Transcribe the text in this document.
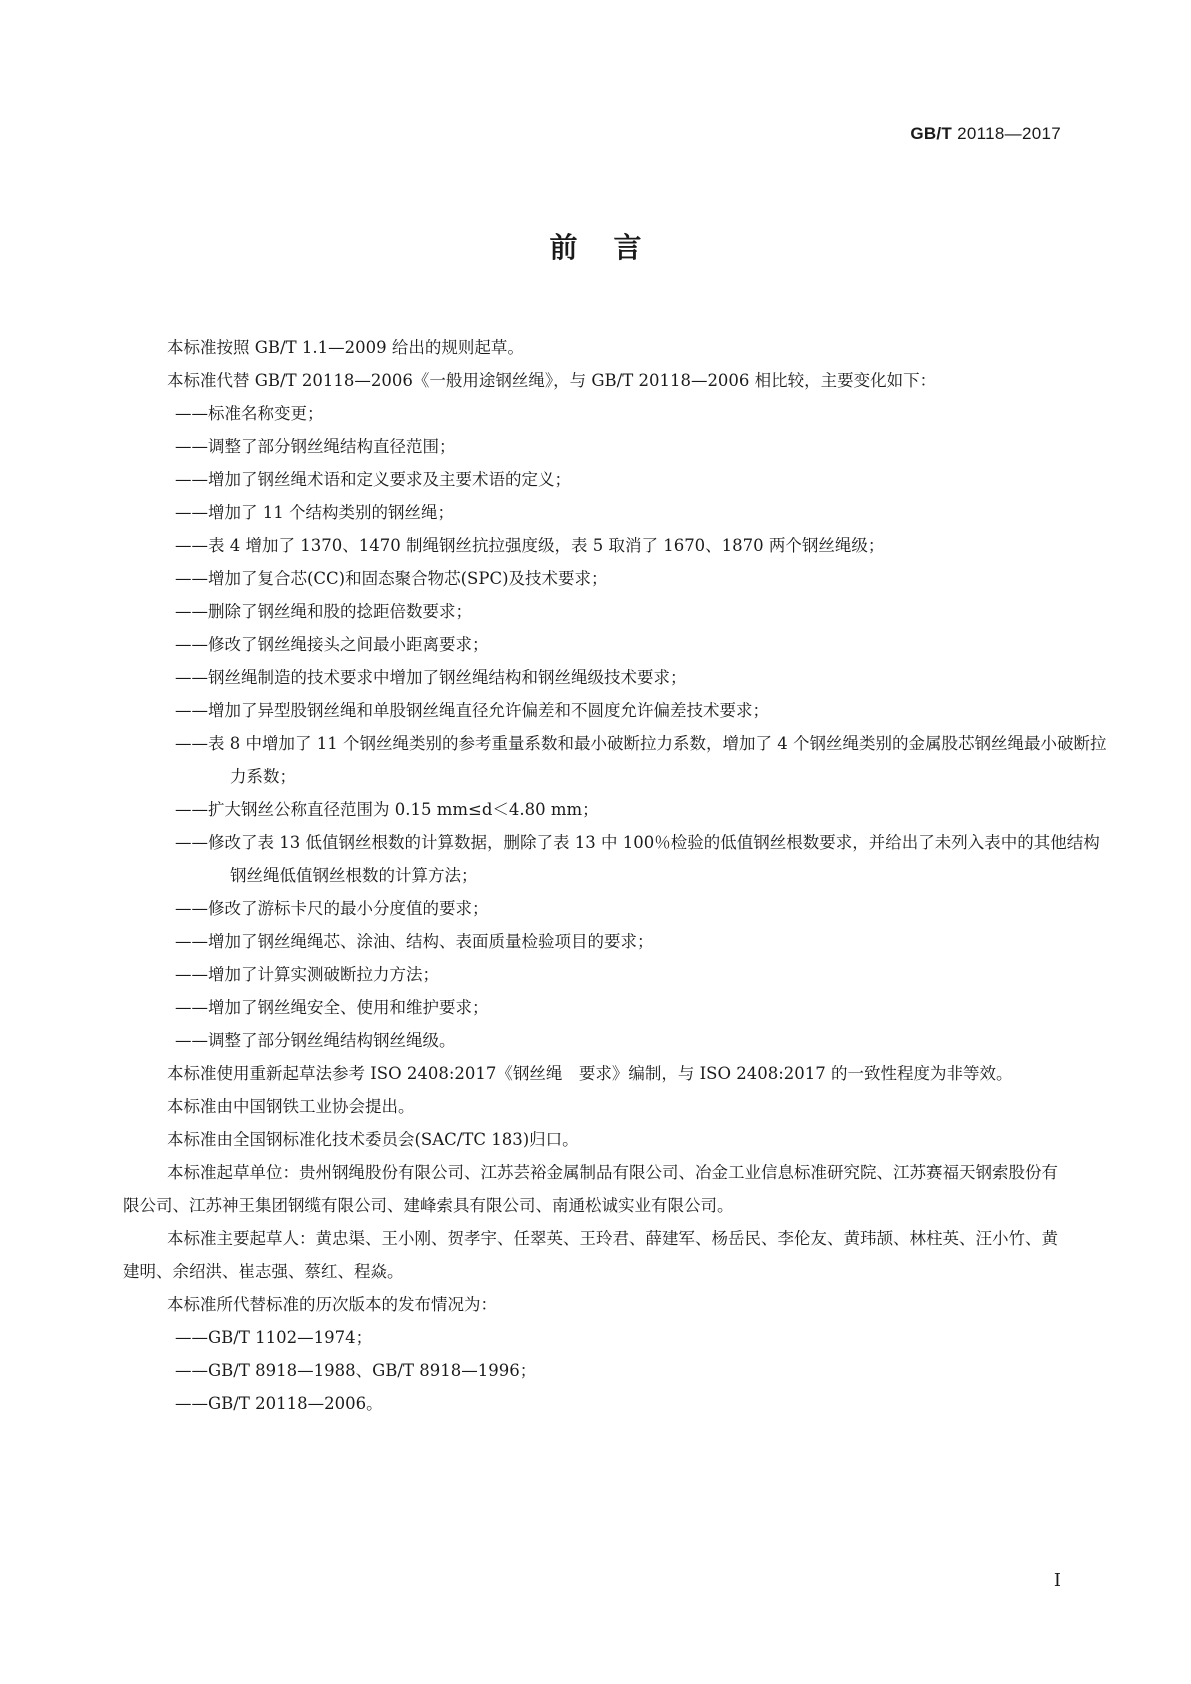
GB/T 20118—2017
前言

本标准按照 GB/T 1.1—2009 给出的规则起草。

本标准代替 GB/T 20118—2006《一般用途钢丝绳》，与 GB/T 20118—2006 相比较，主要变化如下：

——标准名称变更；

——调整了部分钢丝绳结构直径范围；

——增加了钢丝绳术语和定义要求及主要术语的定义；

——增加了 11 个结构类别的钢丝绳；

——表 4 增加了 1370、1470 制绳钢丝抗拉强度级，表 5 取消了 1670、1870 两个钢丝绳级；

——增加了复合芯(CC)和固态聚合物芯(SPC)及技术要求；

——删除了钢丝绳和股的捻距倍数要求；

——修改了钢丝绳接头之间最小距离要求；

——钢丝绳制造的技术要求中增加了钢丝绳结构和钢丝绳级技术要求；

——增加了异型股钢丝绳和单股钢丝绳直径允许偏差和不圆度允许偏差技术要求；

——表 8 中增加了 11 个钢丝绳类别的参考重量系数和最小破断拉力系数，增加了 4 个钢丝绳类别的金属股芯钢丝绳最小破断拉力系数；

——扩大钢丝公称直径范围为 0.15 mm≤d＜4.80 mm；

——修改了表 13 低值钢丝根数的计算数据，删除了表 13 中 100％检验的低值钢丝根数要求，并给出了未列入表中的其他结构钢丝绳低值钢丝根数的计算方法；

——修改了游标卡尺的最小分度值的要求；

——增加了钢丝绳绳芯、涂油、结构、表面质量检验项目的要求；

——增加了计算实测破断拉力方法；

——增加了钢丝绳安全、使用和维护要求；

——调整了部分钢丝绳结构钢丝绳级。

本标准使用重新起草法参考 ISO 2408:2017《钢丝绳　要求》编制，与 ISO 2408:2017 的一致性程度为非等效。

本标准由中国钢铁工业协会提出。

本标准由全国钢标准化技术委员会(SAC/TC 183)归口。

本标准起草单位：贵州钢绳股份有限公司、江苏芸裕金属制品有限公司、冶金工业信息标准研究院、江苏赛福天钢索股份有限公司、江苏神王集团钢缆有限公司、建峰索具有限公司、南通松诚实业有限公司。

本标准主要起草人：黄忠渠、王小刚、贺孝宇、任翠英、王玲君、薛建军、杨岳民、李伦友、黄玮颉、林柱英、汪小竹、黄建明、余绍洪、崔志强、蔡红、程焱。

本标准所代替标准的历次版本的发布情况为：

——GB/T 1102—1974；

——GB/T 8918—1988、GB/T 8918—1996；

——GB/T 20118—2006。

I
